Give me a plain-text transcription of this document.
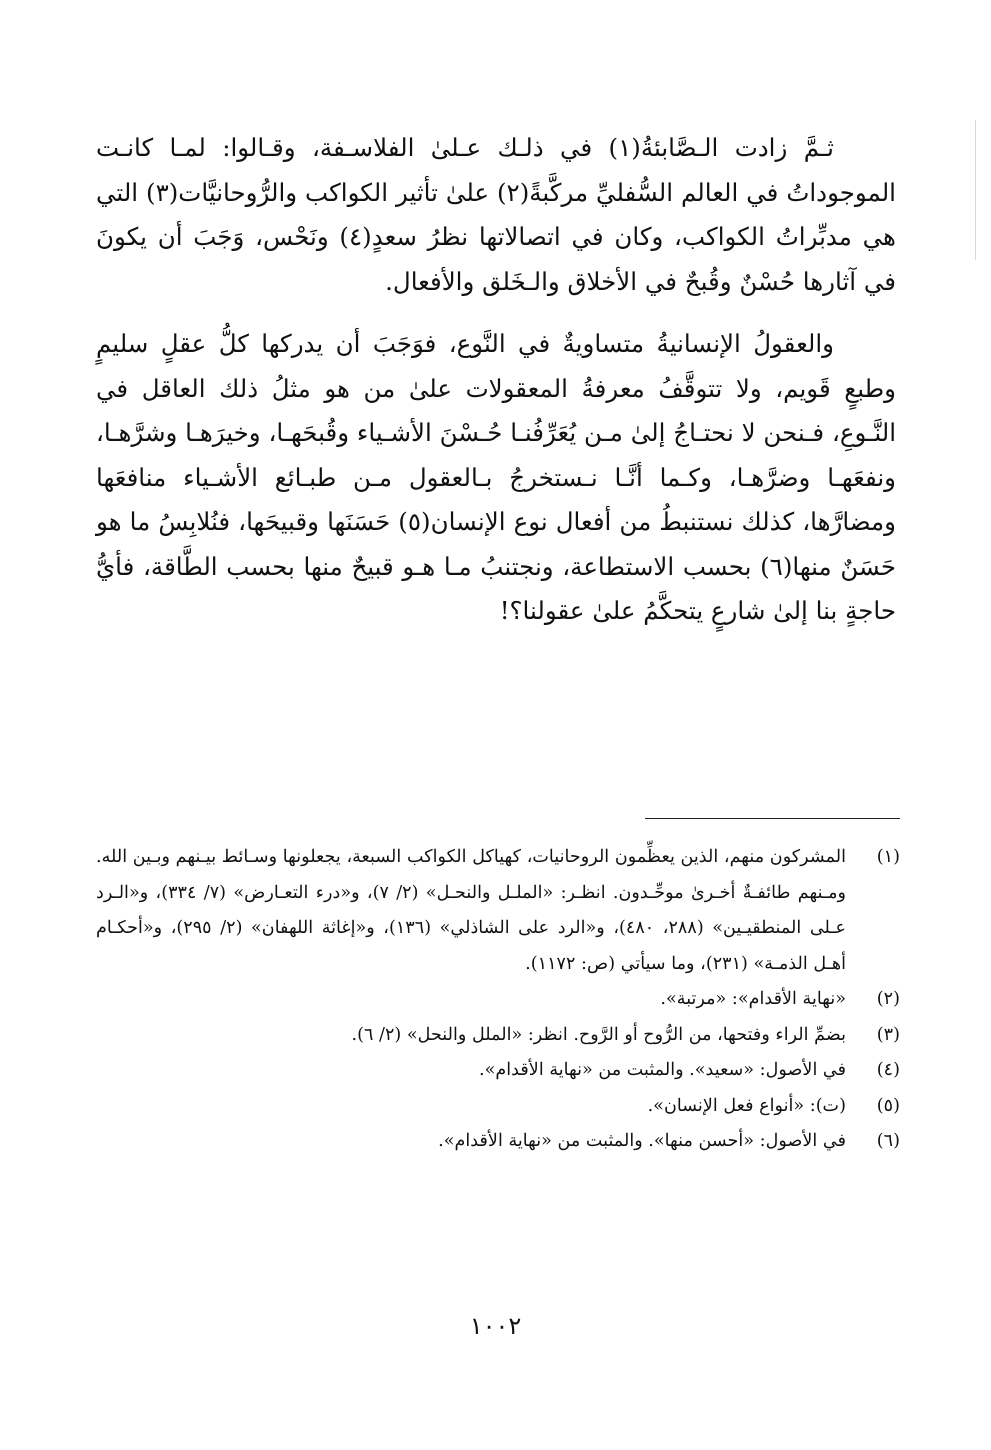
ثـمَّ زادت الـصَّابئةُ(١) في ذلـك عـلىٰ الفلاسـفة، وقـالوا: لمـا كانـت الموجوداتُ في العالم السُّفليِّ مركَّبةً(٢) علىٰ تأثير الكواكب والرُّوحانيَّات(٣) التي هي مدبِّراتُ الكواكب، وكان في اتصالاتها نظرُ سعدٍ(٤) ونَحْس، وَجَبَ أن يكونَ في آثارها حُسْنٌ وقُبحٌ في الأخلاق والـخَلق والأفعال.

والعقولُ الإنسانيةُ متساويةٌ في النَّوع، فوَجَبَ أن يدركها كلُّ عقلٍ سليمٍ وطبعٍ قَويم، ولا تتوقَّفُ معرفةُ المعقولات علىٰ من هو مثلُ ذلك العاقل في النَّـوعِ، فـنحن لا نحتـاجُ إلىٰ مـن يُعَرِّفُنـا حُـسْنَ الأشـياء وقُبحَهـا، وخيرَهـا وشرَّهـا، ونفعَهـا وضرَّهـا، وكـما أنَّـا نـستخرجُ بـالعقول مـن طبـائع الأشـياء منافعَها ومضارَّها، كذلك نستنبطُ من أفعال نوع الإنسان(٥) حَسَنَها وقبيحَها، فنُلابِسُ ما هو حَسَنٌ منها(٦) بحسب الاستطاعة، ونجتنبُ مـا هـو قبيحٌ منها بحسب الطَّاقة، فأيُّ حاجةٍ بنا إلىٰ شارعٍ يتحكَّمُ علىٰ عقولنا؟!

(١)
المشركون منهم، الذين يعظِّمون الروحانيات، كهياكل الكواكب السبعة، يجعلونها وسـائط بيـنهم وبـين الله. ومـنهم طائفـةٌ أخـرىٰ موحِّـدون. انظـر: «الملـل والنحـل» (٢/ ٧)، و«درء التعـارض» (٧/ ٣٣٤)، و«الـرد عـلى المنطقيـين» (٢٨٨، ٤٨٠)، و«الرد على الشاذلي» (١٣٦)، و«إغاثة اللهفان» (٢/ ٢٩٥)، و«أحكـام أهـل الذمـة» (٢٣١)، وما سيأتي (ص: ١١٧٢).
(٢)
«نهاية الأقدام»: «مرتبة».
(٣)
بضمِّ الراء وفتحها، من الرُّوح أو الرَّوح. انظر: «الملل والنحل» (٢/ ٦).
(٤)
في الأصول: «سعيد». والمثبت من «نهاية الأقدام».
(٥)
(ت): «أنواع فعل الإنسان».
(٦)
في الأصول: «أحسن منها». والمثبت من «نهاية الأقدام».
١٠٠٢
